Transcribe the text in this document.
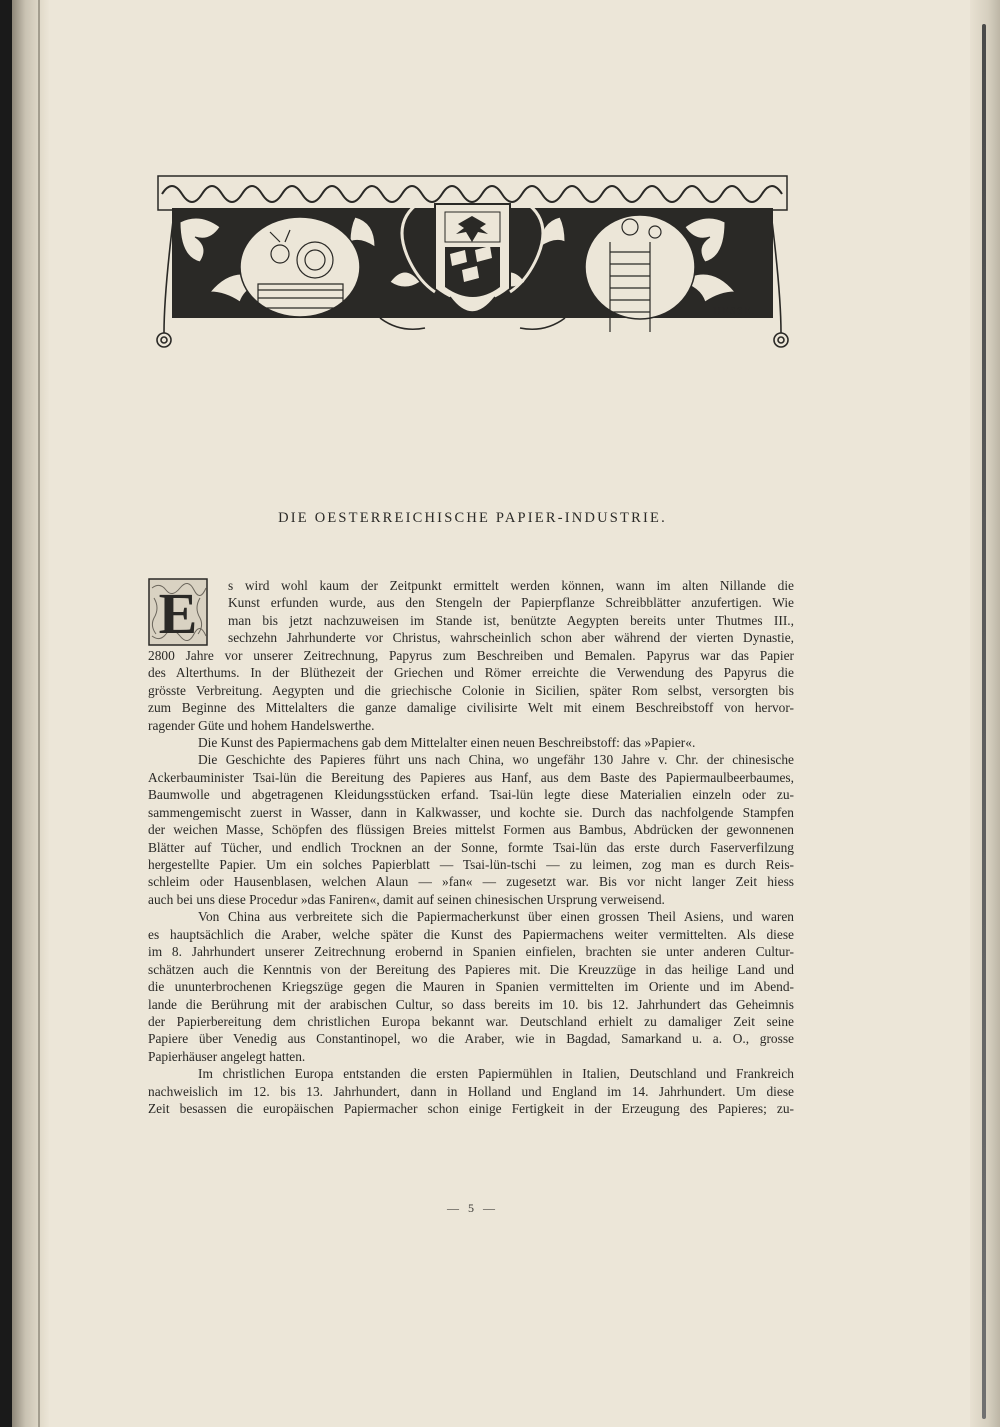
HESSE.
DIE OESTERREICHISCHE PAPIER-INDUSTRIE.
E	s wird wohl kaum der Zeitpunkt ermittelt werden können, wann im alten Nillande die
Kunst erfunden wurde, aus den Stengeln der Papierpflanze Schreibblätter anzufertigen. Wie
man bis jetzt nachzuweisen im Stande ist, benützte Aegypten bereits unter Thutmes III.,
sechzehn Jahrhunderte vor Christus, wahrscheinlich schon aber während der vierten Dynastie,
2800 Jahre vor unserer Zeitrechnung, Papyrus zum Beschreiben und Bemalen. Papyrus war das Papier
des Alterthums. In der Blüthezeit der Griechen und Römer erreichte die Verwendung des Papyrus die
grösste Verbreitung. Aegypten und die griechische Colonie in Sicilien, später Rom selbst, versorgten bis
zum Beginne des Mittelalters die ganze damalige civilisirte Welt mit einem Beschreibstoff von hervor-
ragender Güte und hohem Handelswerthe.
Die Kunst des Papiermachens gab dem Mittelalter einen neuen Beschreibstoff: das »Papier«.
Die Geschichte des Papieres führt uns nach China, wo ungefähr 130 Jahre v. Chr. der chinesische
Ackerbauminister Tsai-lün die Bereitung des Papieres aus Hanf, aus dem Baste des Papiermaulbeerbaumes,
Baumwolle und abgetragenen Kleidungsstücken erfand. Tsai-lün legte diese Materialien einzeln oder zu-
sammengemischt zuerst in Wasser, dann in Kalkwasser, und kochte sie. Durch das nachfolgende Stampfen
der weichen Masse, Schöpfen des flüssigen Breies mittelst Formen aus Bambus, Abdrücken der gewonnenen
Blätter auf Tücher, und endlich Trocknen an der Sonne, formte Tsai-lün das erste durch Faserverfilzung
hergestellte Papier. Um ein solches Papierblatt — Tsai-lün-tschi — zu leimen, zog man es durch Reis-
schleim oder Hausenblasen, welchen Alaun — »fan« — zugesetzt war. Bis vor nicht langer Zeit hiess
auch bei uns diese Procedur »das Faniren«, damit auf seinen chinesischen Ursprung verweisend.
Von China aus verbreitete sich die Papiermacherkunst über einen grossen Theil Asiens, und waren
es hauptsächlich die Araber, welche später die Kunst des Papiermachens weiter vermittelten. Als diese
im 8. Jahrhundert unserer Zeitrechnung erobernd in Spanien einfielen, brachten sie unter anderen Cultur-
schätzen auch die Kenntnis von der Bereitung des Papieres mit. Die Kreuzzüge in das heilige Land und
die ununterbrochenen Kriegszüge gegen die Mauren in Spanien vermittelten im Oriente und im Abend-
lande die Berührung mit der arabischen Cultur, so dass bereits im 10. bis 12. Jahrhundert das Geheimnis
der Papierbereitung dem christlichen Europa bekannt war. Deutschland erhielt zu damaliger Zeit seine
Papiere über Venedig aus Constantinopel, wo die Araber, wie in Bagdad, Samarkand u. a. O., grosse
Papierhäuser angelegt hatten.
Im christlichen Europa entstanden die ersten Papiermühlen in Italien, Deutschland und Frankreich
nachweislich im 12. bis 13. Jahrhundert, dann in Holland und England im 14. Jahrhundert. Um diese
Zeit besassen die europäischen Papiermacher schon einige Fertigkeit in der Erzeugung des Papieres; zu-
— 5 —
